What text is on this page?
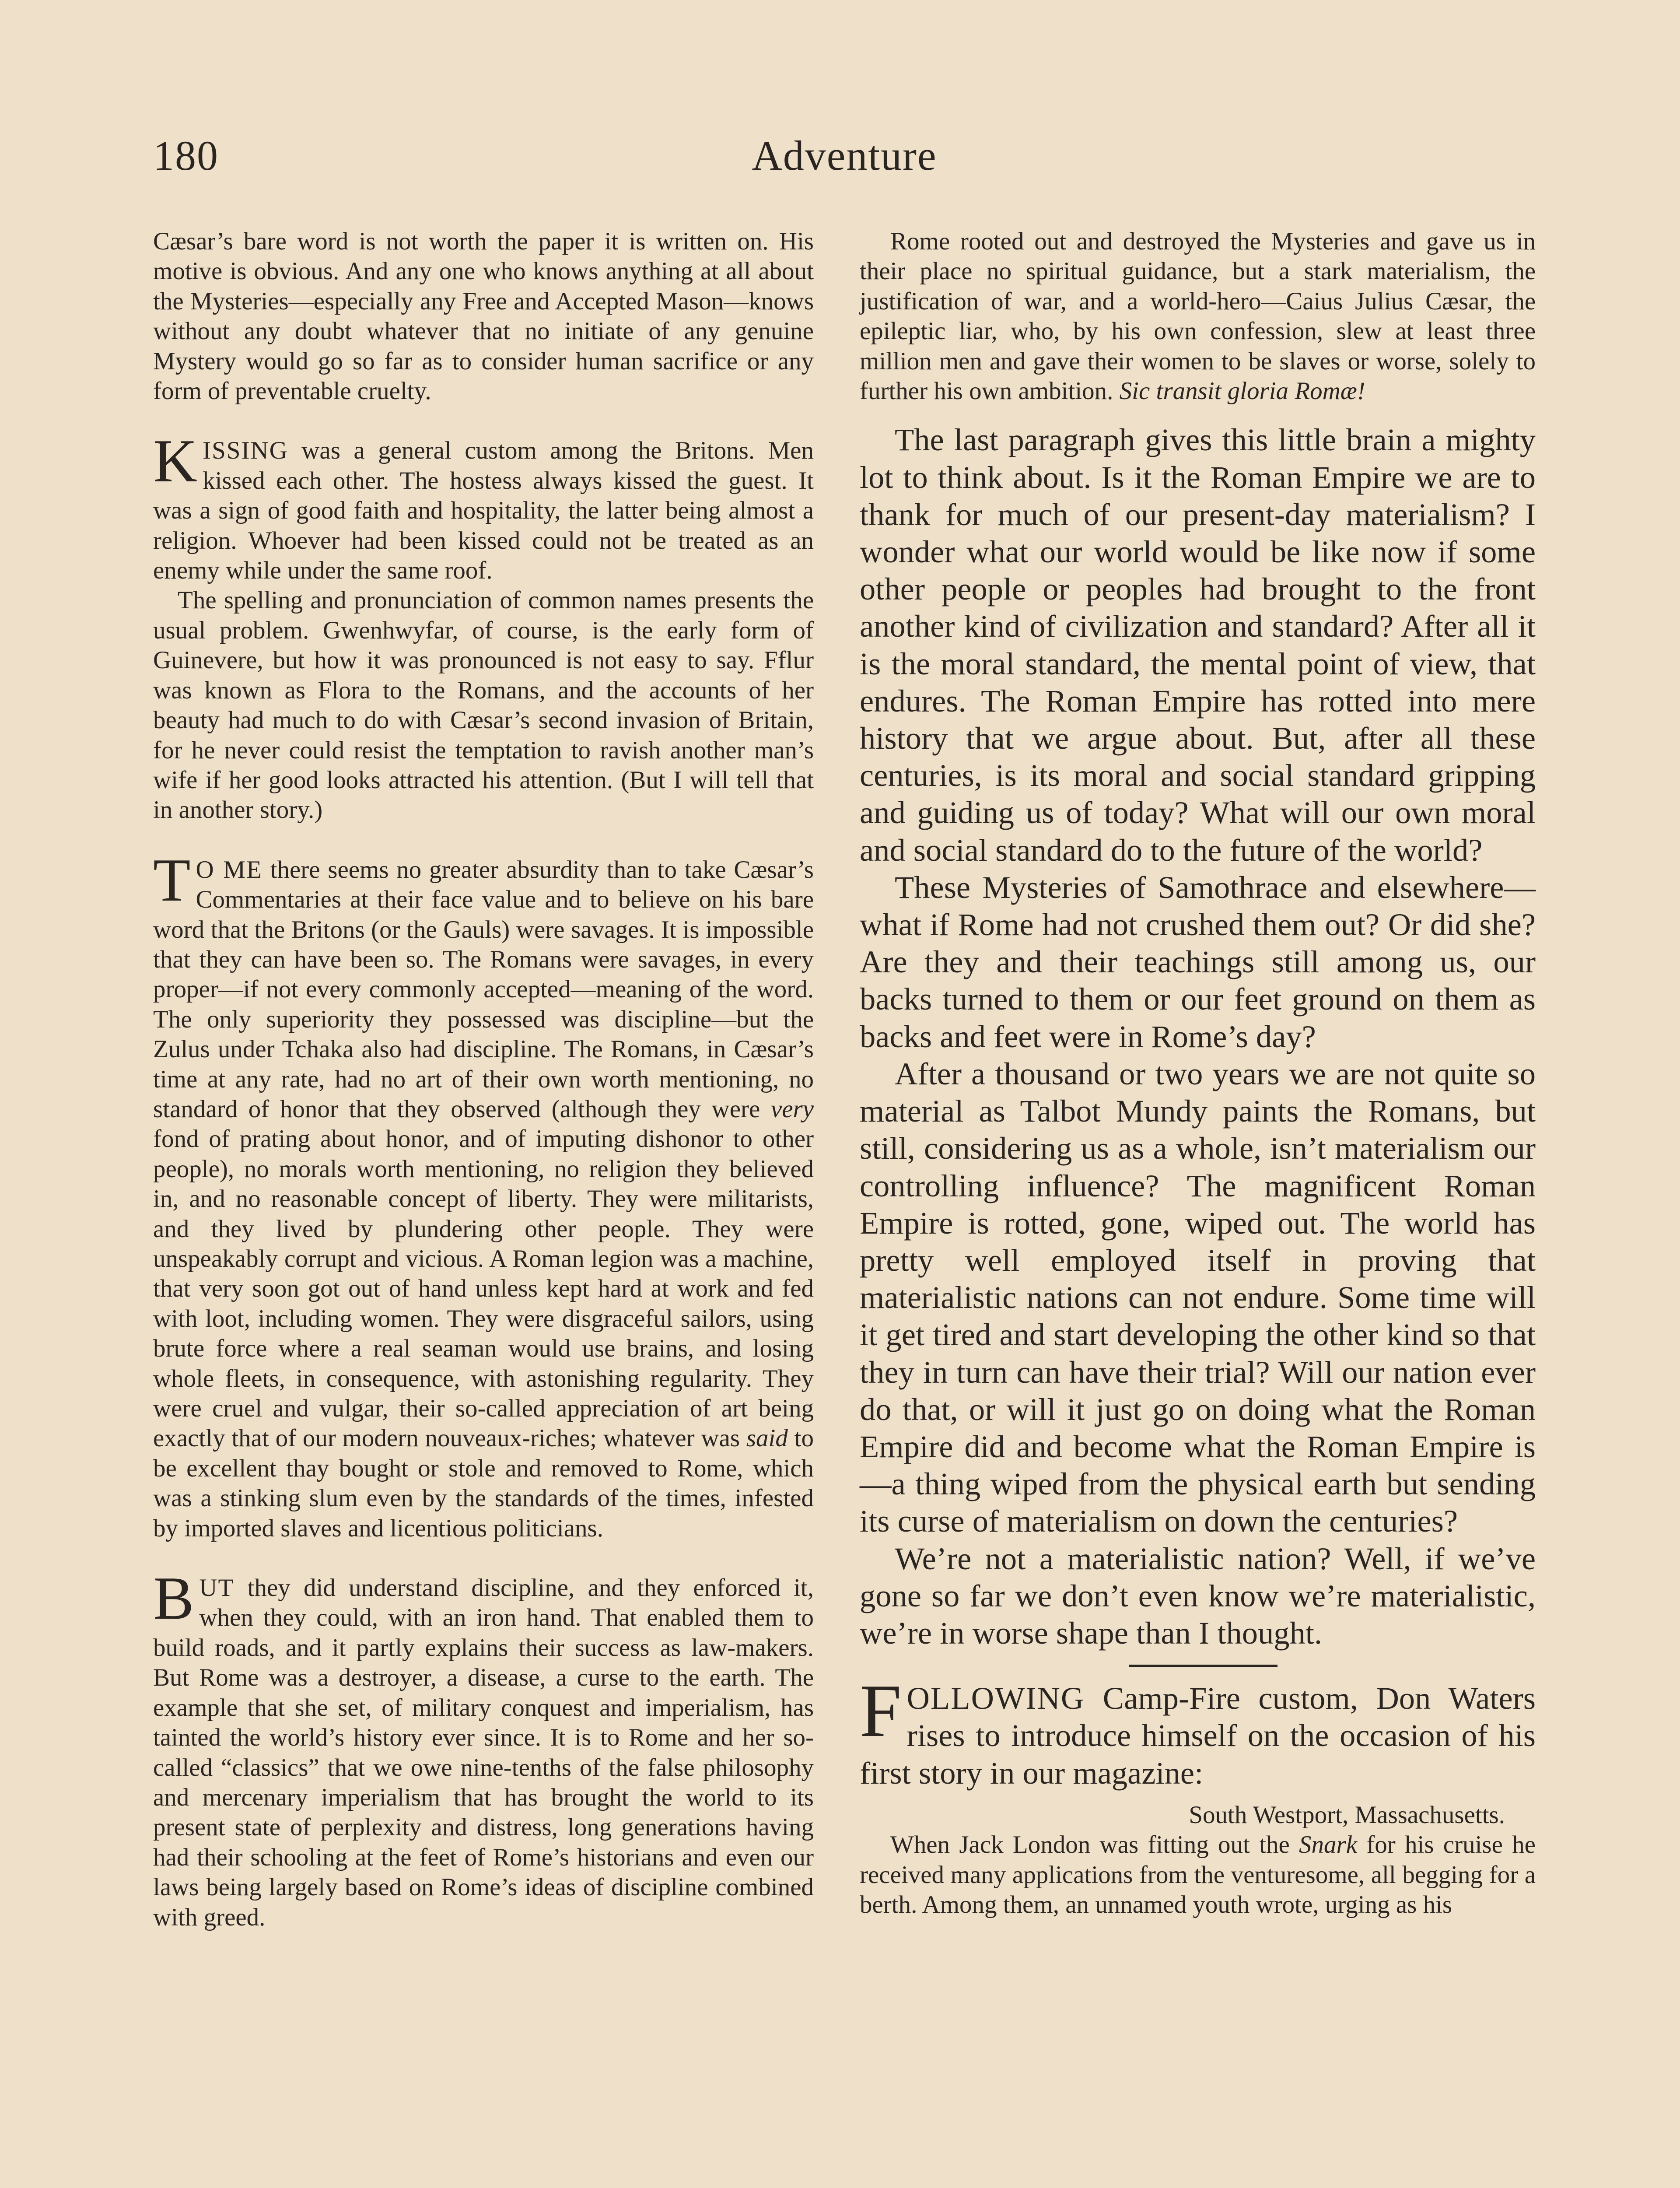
180	Adventure

Cæsar’s bare word is not worth the paper it is written on. His motive is obvious. And any one who knows anything at all about the Mysteries—especially any Free and Accepted Mason—knows without any doubt whatever that no initiate of any genuine Mystery would go so far as to consider human sacrifice or any form of preventable cruelty.

KISSING was a general custom among the Britons. Men kissed each other. The hostess always kissed the guest. It was a sign of good faith and hospitality, the latter being almost a religion. Whoever had been kissed could not be treated as an enemy while under the same roof.

The spelling and pronunciation of common names presents the usual problem. Gwenhwyfar, of course, is the early form of Guinevere, but how it was pronounced is not easy to say. Fflur was known as Flora to the Romans, and the accounts of her beauty had much to do with Cæsar’s second invasion of Britain, for he never could resist the temptation to ravish another man’s wife if her good looks attracted his attention. (But I will tell that in another story.)

T O ME there seems no greater absurdity than to take Cæsar’s Commentaries at their face value and to believe on his bare word that the Britons (or the Gauls) were savages. It is impossible that they can have been so. The Romans were savages, in every proper—if not every commonly accepted—meaning of the word. The only superiority they possessed was discipline—but the Zulus under Tchaka also had discipline. The Romans, in Cæsar’s time at any rate, had no art of their own worth mentioning, no standard of honor that they observed (although they were very fond of prating about honor, and of imputing dishonor to other people), no morals worth mentioning, no religion they believed in, and no reasonable concept of liberty. They were militarists, and they lived by plundering other people. They were unspeakably corrupt and vicious. A Roman legion was a machine, that very soon got out of hand unless kept hard at work and fed with loot, including women. They were disgraceful sailors, using brute force where a real seaman would use brains, and losing whole fleets, in consequence, with astonishing regularity. They were cruel and vulgar, their so-called appreciation of art being exactly that of our modern nouveaux-riches; whatever was said to be excellent thay bought or stole and removed to Rome, which was a stinking slum even by the standards of the times, infested by imported slaves and licentious politicians.

BUT they did understand discipline, and they enforced it, when they could, with an iron hand. That enabled them to build roads, and it partly explains their success as law-makers. But Rome was a destroyer, a disease, a curse to the earth. The example that she set, of military conquest and imperialism, has tainted the world’s history ever since. It is to Rome and her so-called “classics” that we owe nine-tenths of the false philosophy and mercenary imperialism that has brought the world to its present state of perplexity and distress, long generations having had their schooling at the feet of Rome’s historians and even our laws being largely based on Rome’s ideas of discipline combined with greed.

Rome rooted out and destroyed the Mysteries and gave us in their place no spiritual guidance, but a stark materialism, the justification of war, and a world-hero—Caius Julius Cæsar, the epileptic liar, who, by his own confession, slew at least three million men and gave their women to be slaves or worse, solely to further his own ambition. Sic transit gloria Romæ!

The last paragraph gives this little brain a mighty lot to think about. Is it the Roman Empire we are to thank for much of our present-day materialism? I wonder what our world would be like now if some other people or peoples had brought to the front another kind of civilization and standard? After all it is the moral standard, the mental point of view, that endures. The Roman Empire has rotted into mere history that we argue about. But, after all these centuries, is its moral and social standard gripping and guiding us of today? What will our own moral and social standard do to the future of the world?

These Mysteries of Samothrace and elsewhere—what if Rome had not crushed them out? Or did she? Are they and their teachings still among us, our backs turned to them or our feet ground on them as backs and feet were in Rome’s day?

After a thousand or two years we are not quite so material as Talbot Mundy paints the Romans, but still, considering us as a whole, isn’t materialism our controlling influence? The magnificent Roman Empire is rotted, gone, wiped out. The world has pretty well employed itself in proving that materialistic nations can not endure. Some time will it get tired and start developing the other kind so that they in turn can have their trial? Will our nation ever do that, or will it just go on doing what the Roman Empire did and become what the Roman Empire is—a thing wiped from the physical earth but sending its curse of materialism on down the centuries?

We’re not a materialistic nation? Well, if we’ve gone so far we don’t even know we’re materialistic, we’re in worse shape than I thought.

FOLLOWING Camp-Fire custom, Don Waters rises to introduce himself on the occasion of his first story in our magazine:

South Westport, Massachusetts.

When Jack London was fitting out the Snark for his cruise he received many applications from the venturesome, all begging for a berth. Among them, an unnamed youth wrote, urging as his
